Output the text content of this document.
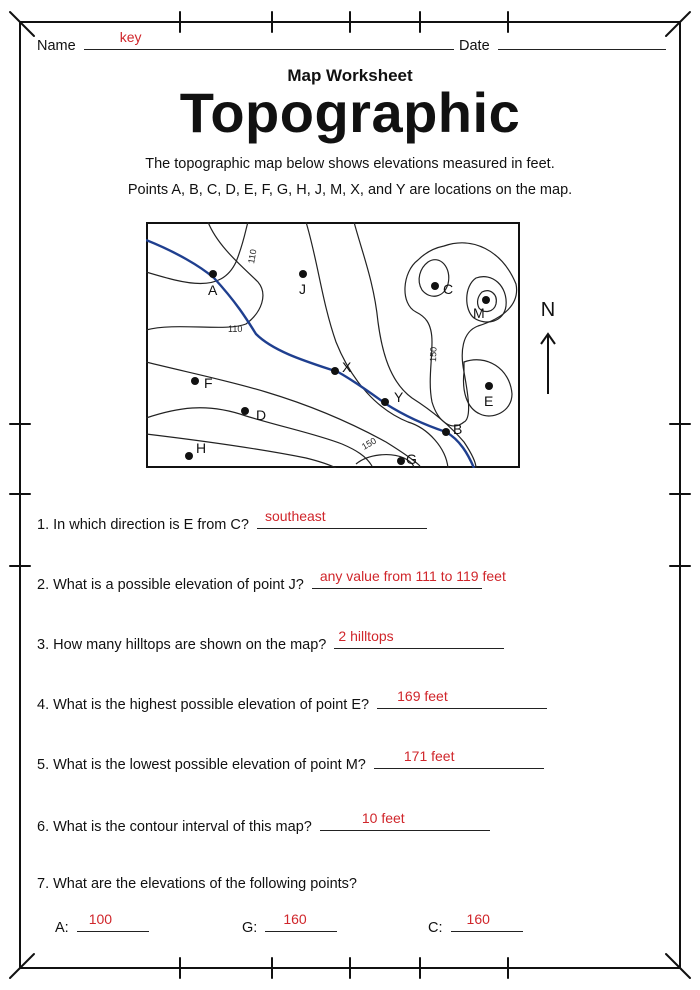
Name
key
Date
Map Worksheet
Topographic
The topographic map below shows elevations measured in feet.
Points A, B, C, D, E, F, G, H, J, M, X, and Y are locations on the map.
110
110
150
150
A	J	C
M
X
Y
F
D
E
B
H
G
N
1. In which direction is E from C?
southeast
2. What is a possible elevation of point J?
any value from 111 to 119 feet
3. How many hilltops are shown on the map?
2 hilltops
4. What is the highest possible elevation of point E?
169 feet
5. What is the lowest possible elevation of point M?
171 feet
6. What is the contour interval of this map?
10 feet
7. What are the elevations of the following points?
A:
100
G:
160
C:
160
